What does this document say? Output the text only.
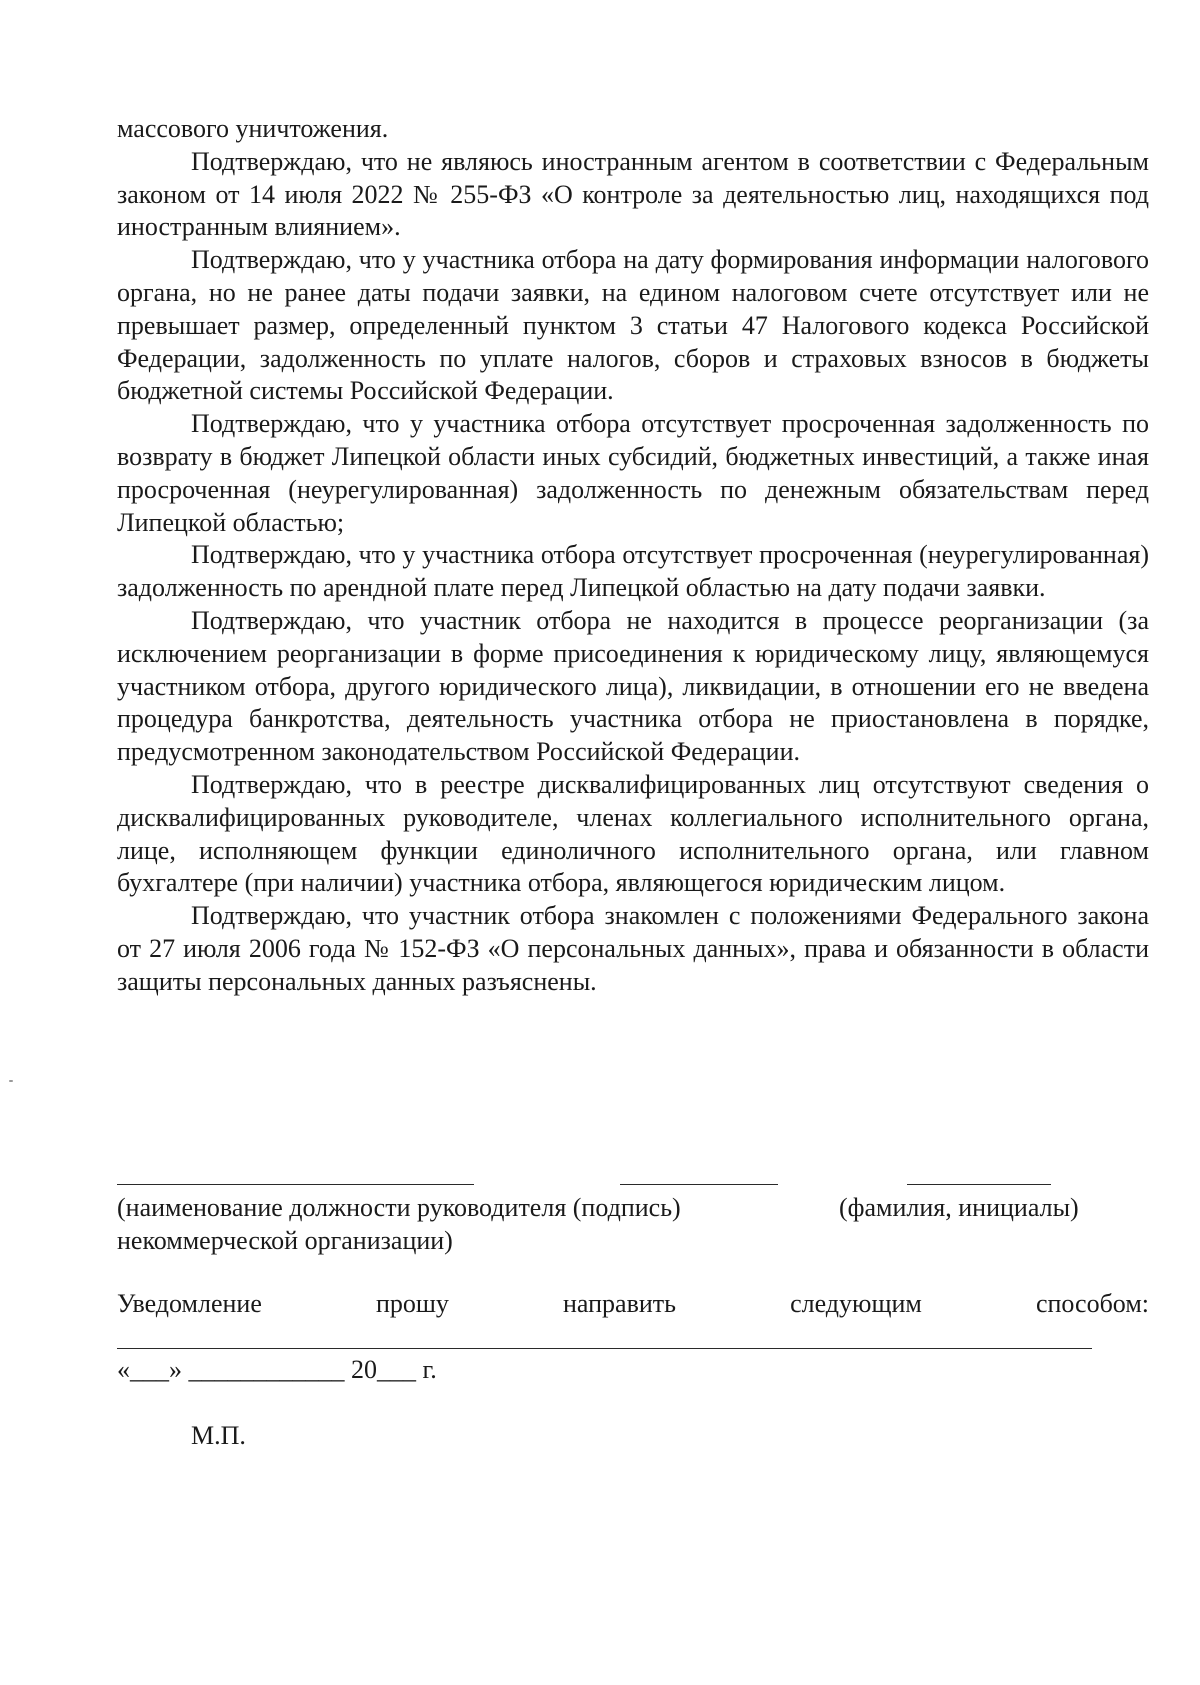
массового уничтожения.

Подтверждаю, что не являюсь иностранным агентом в соответствии с Федеральным законом от 14 июля 2022 № 255-ФЗ «О контроле за деятельностью лиц, находящихся под иностранным влиянием».

Подтверждаю, что у участника отбора на дату формирования информации налогового органа, но не ранее даты подачи заявки, на едином налоговом счете отсутствует или не превышает размер, определенный пунктом 3 статьи 47 Налогового кодекса Российской Федерации, задолженность по уплате налогов, сборов и страховых взносов в бюджеты бюджетной системы Российской Федерации.

Подтверждаю, что у участника отбора отсутствует просроченная задолженность по возврату в бюджет Липецкой области иных субсидий, бюджетных инвестиций, а также иная просроченная (неурегулированная) задолженность по денежным обязательствам перед Липецкой областью;

Подтверждаю, что у участника отбора отсутствует просроченная (неурегулированная) задолженность по арендной плате перед Липецкой областью на дату подачи заявки.

Подтверждаю, что участник отбора не находится в процессе реорганизации (за исключением реорганизации в форме присоединения к юридическому лицу, являющемуся участником отбора, другого юридического лица), ликвидации, в отношении его не введена процедура банкротства, деятельность участника отбора не приостановлена в порядке, предусмотренном законодательством Российской Федерации.

Подтверждаю, что в реестре дисквалифицированных лиц отсутствуют сведения о дисквалифицированных руководителе, членах коллегиального исполнительного органа, лице, исполняющем функции единоличного исполнительного органа, или главном бухгалтере (при наличии) участника отбора, являющегося юридическим лицом.

Подтверждаю, что участник отбора знакомлен с положениями Федерального закона от 27 июля 2006 года № 152-ФЗ «О персональных данных», права и обязанности в области защиты персональных данных разъяснены.

(наименование должности руководителя (подпись)	(фамилия, инициалы)
некоммерческой организации)
Уведомление	прошу	направить	следующим	способом:
«___» ____________ 20___ г.
М.П.
